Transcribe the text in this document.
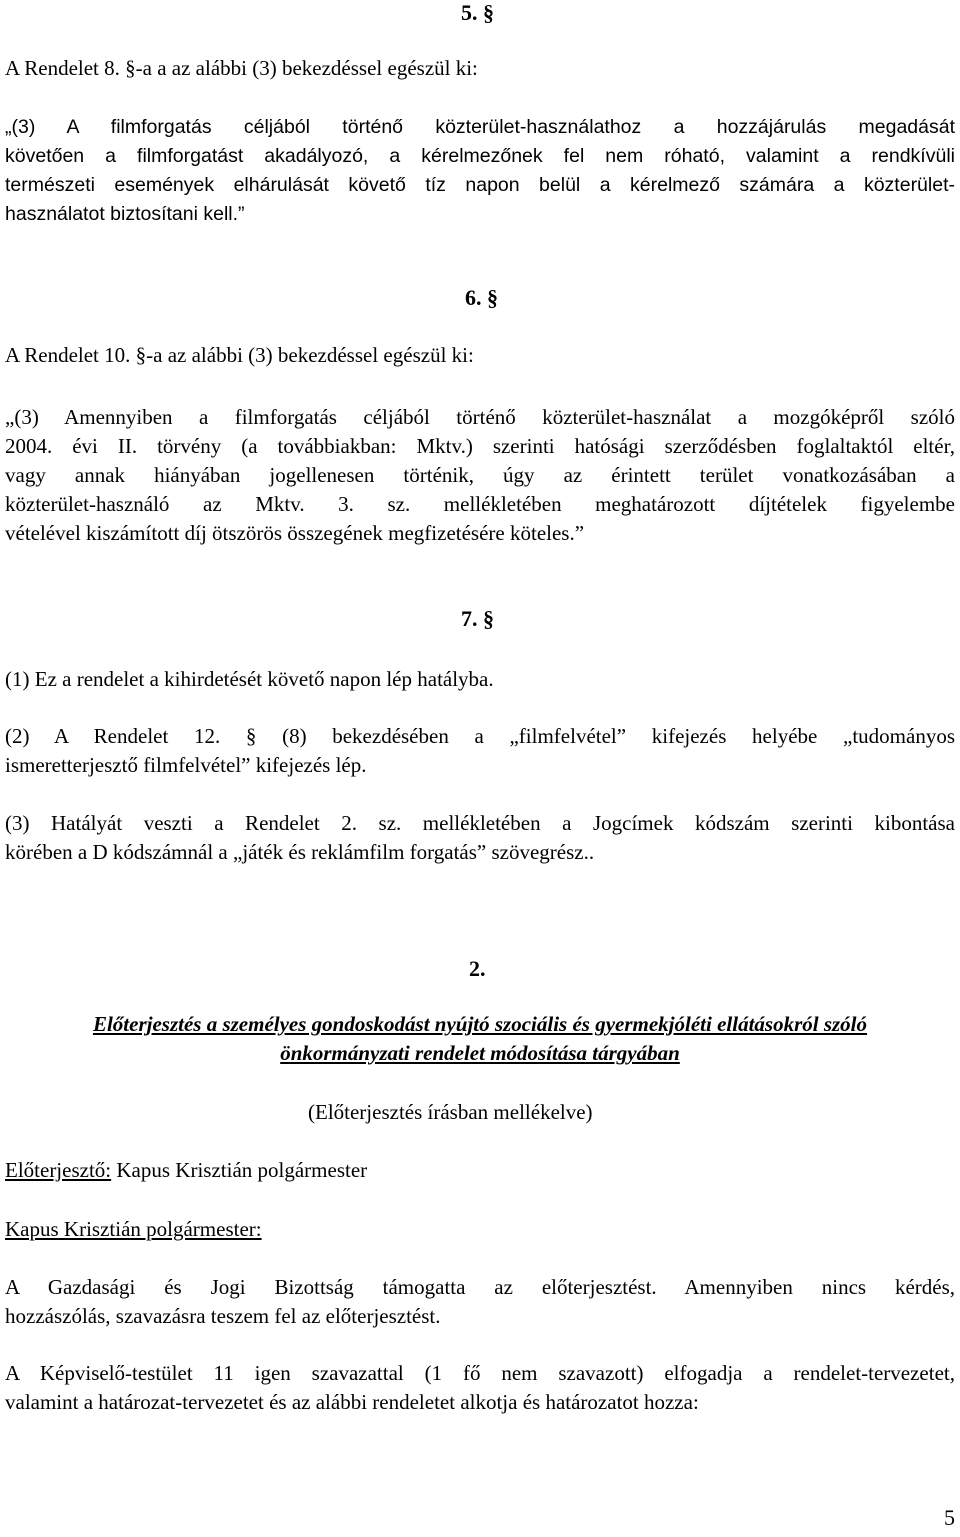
5. §
A Rendelet 8. §-a a az alábbi (3) bekezdéssel egészül ki:
„(3) A filmforgatás céljából történő közterület-használathoz a hozzájárulás megadását
követően a filmforgatást akadályozó, a kérelmezőnek fel nem róható, valamint a rendkívüli
természeti események elhárulását követő tíz napon belül a kérelmező számára a közterület-
használatot biztosítani kell.”
6. §
A Rendelet 10. §-a az alábbi (3) bekezdéssel egészül ki:
„(3) Amennyiben a filmforgatás céljából történő közterület-használat a mozgóképről szóló
2004. évi II. törvény (a továbbiakban: Mktv.) szerinti hatósági szerződésben foglaltaktól eltér,
vagy annak hiányában jogellenesen történik, úgy az érintett terület vonatkozásában a
közterület-használó az Mktv. 3. sz. mellékletében meghatározott díjtételek figyelembe
vételével kiszámított díj ötszörös összegének megfizetésére köteles.”
7. §
(1) Ez a rendelet a kihirdetését követő napon lép hatályba.
(2) A Rendelet 12. § (8) bekezdésében a „filmfelvétel” kifejezés helyébe „tudományos
ismeretterjesztő filmfelvétel” kifejezés lép.
(3) Hatályát veszti a Rendelet 2. sz. mellékletében a Jogcímek kódszám szerinti kibontása
körében a D kódszámnál a „játék és reklámfilm forgatás” szövegrész..
2.
Előterjesztés a személyes gondoskodást nyújtó szociális és gyermekjóléti ellátásokról szóló
önkormányzati rendelet módosítása tárgyában
(Előterjesztés írásban mellékelve)
Előterjesztő: Kapus Krisztián polgármester
Kapus Krisztián polgármester:
A Gazdasági és Jogi Bizottság támogatta az előterjesztést. Amennyiben nincs kérdés,
hozzászólás, szavazásra teszem fel az előterjesztést.
A Képviselő-testület 11 igen szavazattal (1 fő nem szavazott) elfogadja a rendelet-tervezetet,
valamint a határozat-tervezetet és az alábbi rendeletet alkotja és határozatot hozza:
5
